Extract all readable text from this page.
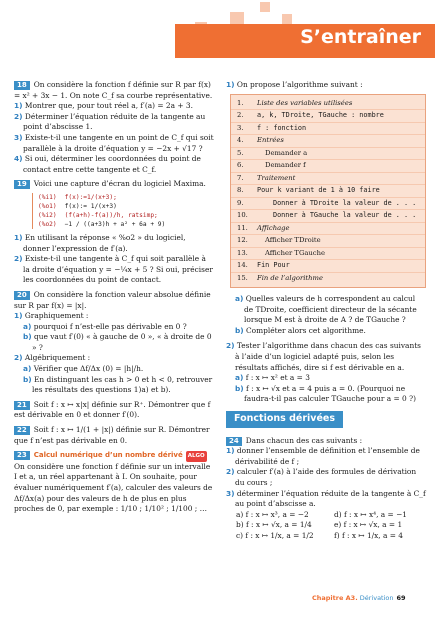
S’entraîner
18 On considère la fonction f définie sur R par f(x) = x² + 3x − 1. On note C_f sa courbe représentative.
1) Montrer que, pour tout réel a, f′(a) = 2a + 3.
2) Déterminer l’équation réduite de la tangente au point d’abscisse 1.
3) Existe-t-il une tangente en un point de C_f qui soit parallèle à la droite d’équation y = −2x + √17 ?
4) Si oui, déterminer les coordonnées du point de contact entre cette tangente et C_f.
19 Voici une capture d’écran du logiciel Maxima.
(%i1) f(x):=1/(x+3);
(%o1) f(x):= 1/(x+3)
(%i2) (f(a+h)-f(a))/h, ratsimp;
(%o2) −1 / ((a+3)h + a² + 6a + 9)
1) En utilisant la réponse « %o2 » du logiciel, donner l’expression de f′(a).
2) Existe-t-il une tangente à C_f qui soit parallèle à la droite d’équation y = −¼x + 5 ? Si oui, préciser les coordonnées du point de contact.
20 On considère la fonction valeur absolue définie sur R par f(x) = |x|.
1) Graphiquement :
a) pourquoi f n’est-elle pas dérivable en 0 ?
b) que vaut f′(0) « à gauche de 0 », « à droite de 0 » ?
2) Algébriquement :
a) Vérifier que Δf/Δx (0) = |h|/h.
b) En distinguant les cas h > 0 et h < 0, retrouver les résultats des questions 1)a) et b).
21 Soit f : x ↦ x|x| définie sur R⁺. Démontrer que f est dérivable en 0 et donner f′(0).
22 Soit f : x ↦ 1/(1 + |x|) définie sur R. Démontrer que f n’est pas dérivable en 0.
23 Calcul numérique d’un nombre dérivé ALGO
On considère une fonction f définie sur un intervalle I et a, un réel appartenant à I. On souhaite, pour évaluer numériquement f′(a), calculer des valeurs de Δf/Δx(a) pour des valeurs de h de plus en plus proches de 0, par exemple : 1/10 ; 1/10² ; 1/100 ; …
1) On propose l’algorithme suivant :
1.	Liste des variables utilisées
2.	a, k, TDroite, TGauche : nombre
3.	f : fonction
4.	Entrées
5.	Demander a
6.	Demander f
7.	Traitement
8.	Pour k variant de 1 à 10 faire
9.	Donner à TDroite la valeur de . . .
10.	Donner à TGauche la valeur de . . .
11.	Affichage
12.	Afficher TDroite
13.	Afficher TGauche
14.	Fin Pour
15.	Fin de l’algorithme
a) Quelles valeurs de h correspondent au calcul de TDroite, coefficient directeur de la sécante lorsque M est à droite de A ? de TGauche ?
b) Compléter alors cet algorithme.
2) Tester l’algorithme dans chacun des cas suivants à l’aide d’un logiciel adapté puis, selon les résultats affichés, dire si f est dérivable en a.
a) f : x ↦ x² et a = 3
b) f : x ↦ √x et a = 4 puis a = 0. (Pourquoi ne faudra-t-il pas calculer TGauche pour a = 0 ?)
Fonctions dérivées
24 Dans chacun des cas suivants :
1) donner l’ensemble de définition et l’ensemble de dérivabilité de f ;
2) calculer f′(a) à l’aide des formules de dérivation du cours ;
3) déterminer l’équation réduite de la tangente à C_f au point d’abscisse a.
a) f : x ↦ x³, a = −2	d) f : x ↦ x⁴, a = −1
b) f : x ↦ √x, a = 1/4	e) f : x ↦ √x, a = 1
c) f : x ↦ 1/x, a = 1/2	f) f : x ↦ 1/x, a = 4
Chapitre A3. Dérivation 69
